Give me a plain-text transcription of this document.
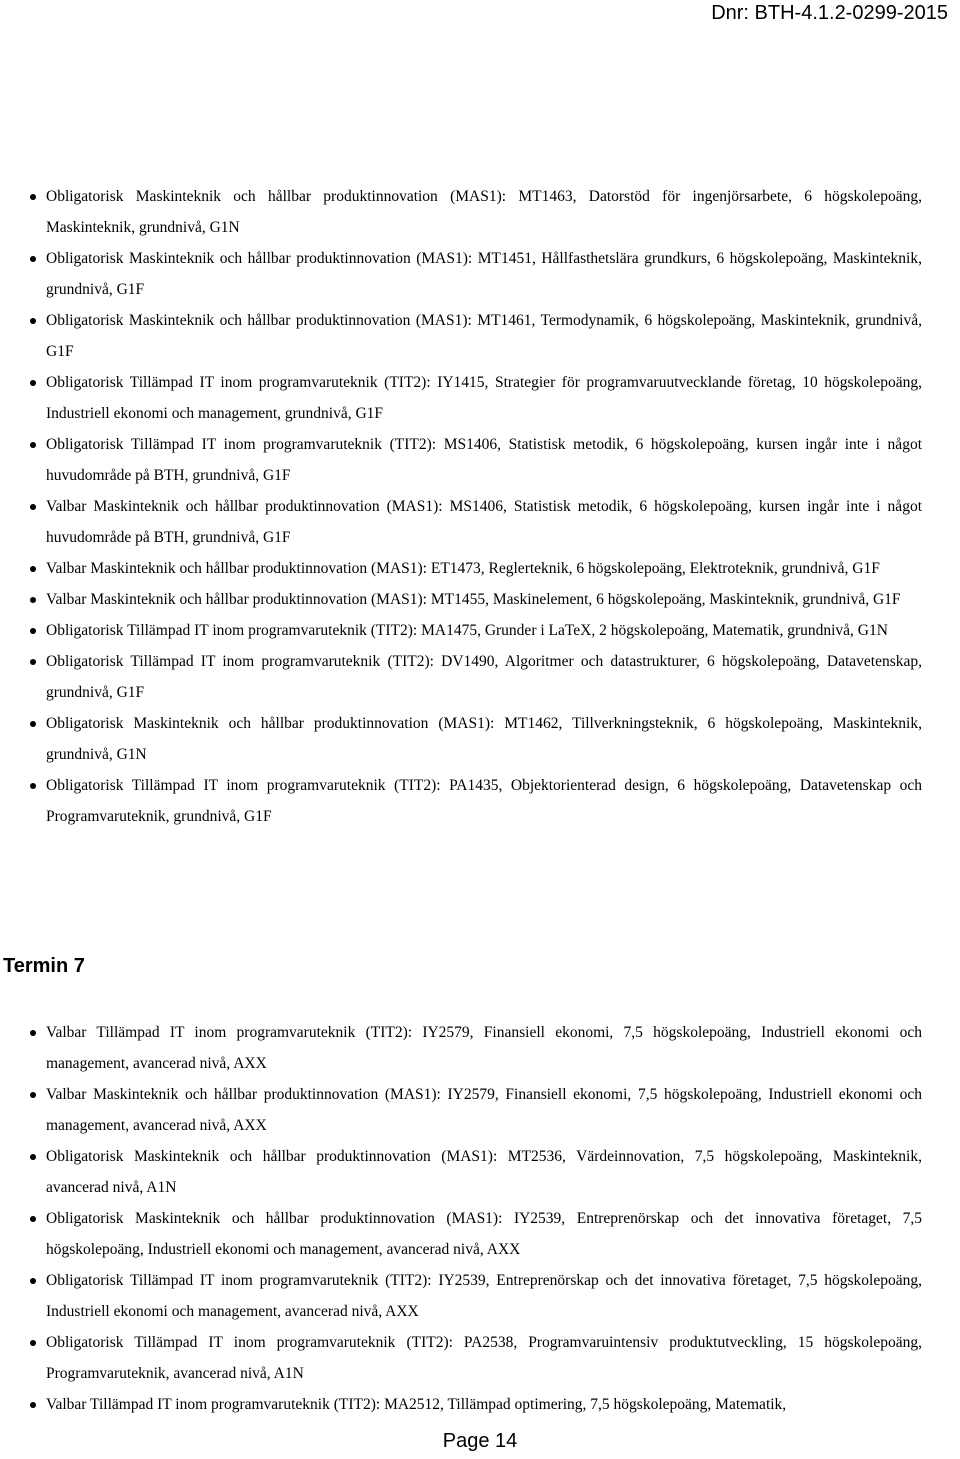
Dnr: BTH-4.1.2-0299-2015
Obligatorisk Maskinteknik och hållbar produktinnovation (MAS1): MT1463, Datorstöd för ingenjörsarbete, 6 högskolepoäng, Maskinteknik, grundnivå, G1N
Obligatorisk Maskinteknik och hållbar produktinnovation (MAS1): MT1451, Hållfasthetslära grundkurs, 6 högskolepoäng, Maskinteknik, grundnivå, G1F
Obligatorisk Maskinteknik och hållbar produktinnovation (MAS1): MT1461, Termodynamik, 6 högskolepoäng, Maskinteknik, grundnivå, G1F
Obligatorisk Tillämpad IT inom programvaruteknik (TIT2): IY1415, Strategier för programvaruutvecklande företag, 10 högskolepoäng, Industriell ekonomi och management, grundnivå, G1F
Obligatorisk Tillämpad IT inom programvaruteknik (TIT2): MS1406, Statistisk metodik, 6 högskolepoäng, kursen ingår inte i något huvudområde på BTH, grundnivå, G1F
Valbar Maskinteknik och hållbar produktinnovation (MAS1): MS1406, Statistisk metodik, 6 högskolepoäng, kursen ingår inte i något huvudområde på BTH, grundnivå, G1F
Valbar Maskinteknik och hållbar produktinnovation (MAS1): ET1473, Reglerteknik, 6 högskolepoäng, Elektroteknik, grundnivå, G1F
Valbar Maskinteknik och hållbar produktinnovation (MAS1): MT1455, Maskinelement, 6 högskolepoäng, Maskinteknik, grundnivå, G1F
Obligatorisk Tillämpad IT inom programvaruteknik (TIT2): MA1475, Grunder i LaTeX, 2 högskolepoäng, Matematik, grundnivå, G1N
Obligatorisk Tillämpad IT inom programvaruteknik (TIT2): DV1490, Algoritmer och datastrukturer, 6 högskolepoäng, Datavetenskap, grundnivå, G1F
Obligatorisk Maskinteknik och hållbar produktinnovation (MAS1): MT1462, Tillverkningsteknik, 6 högskolepoäng, Maskinteknik, grundnivå, G1N
Obligatorisk Tillämpad IT inom programvaruteknik (TIT2): PA1435, Objektorienterad design, 6 högskolepoäng, Datavetenskap och Programvaruteknik, grundnivå, G1F
Termin 7
Valbar Tillämpad IT inom programvaruteknik (TIT2): IY2579, Finansiell ekonomi, 7,5 högskolepoäng, Industriell ekonomi och management, avancerad nivå, AXX
Valbar Maskinteknik och hållbar produktinnovation (MAS1): IY2579, Finansiell ekonomi, 7,5 högskolepoäng, Industriell ekonomi och management, avancerad nivå, AXX
Obligatorisk Maskinteknik och hållbar produktinnovation (MAS1): MT2536, Värdeinnovation, 7,5 högskolepoäng, Maskinteknik, avancerad nivå, A1N
Obligatorisk Maskinteknik och hållbar produktinnovation (MAS1): IY2539, Entreprenörskap och det innovativa företaget, 7,5 högskolepoäng, Industriell ekonomi och management, avancerad nivå, AXX
Obligatorisk Tillämpad IT inom programvaruteknik (TIT2): IY2539, Entreprenörskap och det innovativa företaget, 7,5 högskolepoäng, Industriell ekonomi och management, avancerad nivå, AXX
Obligatorisk Tillämpad IT inom programvaruteknik (TIT2): PA2538, Programvaruintensiv produktutveckling, 15 högskolepoäng, Programvaruteknik, avancerad nivå, A1N
Valbar Tillämpad IT inom programvaruteknik (TIT2): MA2512, Tillämpad optimering, 7,5 högskolepoäng, Matematik,
Page 14
